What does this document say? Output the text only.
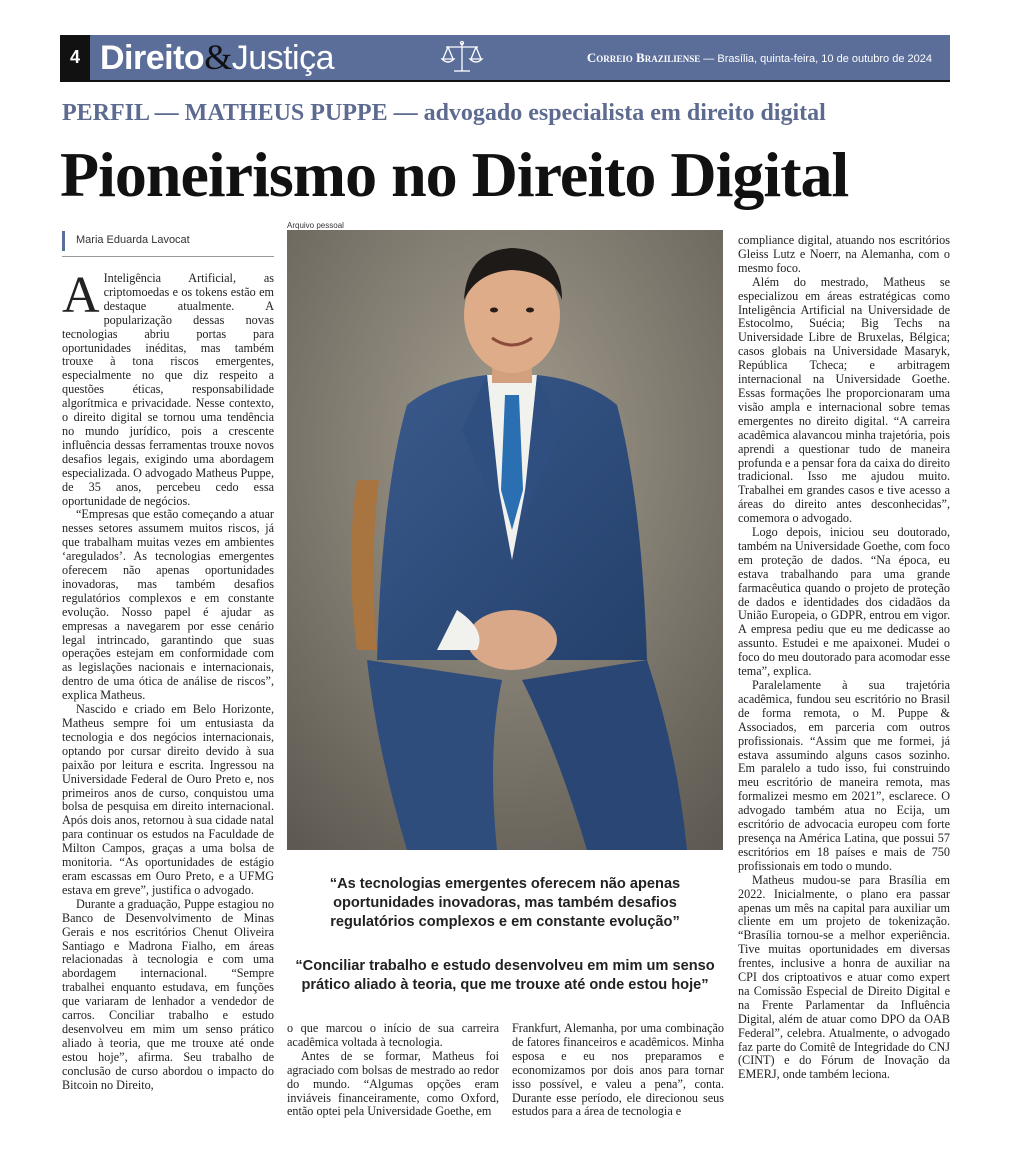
4 Direito&Justiça	Correio Braziliense — Brasília, quinta-feira, 10 de outubro de 2024
PERFIL — MATHEUS PUPPE — advogado especialista em direito digital
Pioneirismo no Direito Digital
Maria Eduarda Lavocat

A Inteligência Artificial, as criptomoedas e os tokens estão em destaque atualmente. A popularização dessas novas tecnologias abriu portas para oportunidades inéditas, mas também trouxe à tona riscos emergentes, especialmente no que diz respeito a questões éticas, responsabilidade algorítmica e privacidade. Nesse contexto, o direito digital se tornou uma tendência no mundo jurídico, pois a crescente influência dessas ferramentas trouxe novos desafios legais, exigindo uma abordagem especializada. O advogado Matheus Puppe, de 35 anos, percebeu cedo essa oportunidade de negócios.

“Empresas que estão começando a atuar nesses setores assumem muitos riscos, já que trabalham muitas vezes em ambientes ‘aregulados’. As tecnologias emergentes oferecem não apenas oportunidades inovadoras, mas também desafios regulatórios complexos e em constante evolução. Nosso papel é ajudar as empresas a navegarem por esse cenário legal intrincado, garantindo que suas operações estejam em conformidade com as legislações nacionais e internacionais, dentro de uma ótica de análise de riscos”, explica Matheus.

Nascido e criado em Belo Horizonte, Matheus sempre foi um entusiasta da tecnologia e dos negócios internacionais, optando por cursar direito devido à sua paixão por leitura e escrita. Ingressou na Universidade Federal de Ouro Preto e, nos primeiros anos de curso, conquistou uma bolsa de pesquisa em direito internacional. Após dois anos, retornou à sua cidade natal para continuar os estudos na Faculdade de Milton Campos, graças a uma bolsa de monitoria. “As oportunidades de estágio eram escassas em Ouro Preto, e a UFMG estava em greve”, justifica o advogado.

Durante a graduação, Puppe estagiou no Banco de Desenvolvimento de Minas Gerais e nos escritórios Chenut Oliveira Santiago e Madrona Fialho, em áreas relacionadas à tecnologia e com uma abordagem internacional. “Sempre trabalhei enquanto estudava, em funções que variaram de lenhador a vendedor de carros. Conciliar trabalho e estudo desenvolveu em mim um senso prático aliado à teoria, que me trouxe até onde estou hoje”, afirma. Seu trabalho de conclusão de curso abordou o impacto do Bitcoin no Direito,

Arquivo pessoal
“As tecnologias emergentes oferecem não apenas oportunidades inovadoras, mas também desafios regulatórios complexos e em constante evolução”
“Conciliar trabalho e estudo desenvolveu em mim um senso prático aliado à teoria, que me trouxe até onde estou hoje”

o que marcou o início de sua carreira acadêmica voltada à tecnologia.

Antes de se formar, Matheus foi agraciado com bolsas de mestrado ao redor do mundo. “Algumas opções eram inviáveis financeiramente, como Oxford, então optei pela Universidade Goethe, em

Frankfurt, Alemanha, por uma combinação de fatores financeiros e acadêmicos. Minha esposa e eu nos preparamos e economizamos por dois anos para tornar isso possível, e valeu a pena”, conta. Durante esse período, ele direcionou seus estudos para a área de tecnologia e

compliance digital, atuando nos escritórios Gleiss Lutz e Noerr, na Alemanha, com o mesmo foco.

Além do mestrado, Matheus se especializou em áreas estratégicas como Inteligência Artificial na Universidade de Estocolmo, Suécia; Big Techs na Universidade Libre de Bruxelas, Bélgica; casos globais na Universidade Masaryk, República Tcheca; e arbitragem internacional na Universidade Goethe. Essas formações lhe proporcionaram uma visão ampla e internacional sobre temas emergentes no direito digital. “A carreira acadêmica alavancou minha trajetória, pois aprendi a questionar tudo de maneira profunda e a pensar fora da caixa do direito tradicional. Isso me ajudou muito. Trabalhei em grandes casos e tive acesso a áreas do direito antes desconhecidas”, comemora o advogado.

Logo depois, iniciou seu doutorado, também na Universidade Goethe, com foco em proteção de dados. “Na época, eu estava trabalhando para uma grande farmacêutica quando o projeto de proteção de dados e identidades dos cidadãos da União Europeia, o GDPR, entrou em vigor. A empresa pediu que eu me dedicasse ao assunto. Estudei e me apaixonei. Mudei o foco do meu doutorado para acomodar esse tema”, explica.

Paralelamente à sua trajetória acadêmica, fundou seu escritório no Brasil de forma remota, o M. Puppe & Associados, em parceria com outros profissionais. “Assim que me formei, já estava assumindo alguns casos sozinho. Em paralelo a tudo isso, fui construindo meu escritório de maneira remota, mas formalizei mesmo em 2021”, esclarece. O advogado também atua no Ecija, um escritório de advocacia europeu com forte presença na América Latina, que possui 57 escritórios em 18 países e mais de 750 profissionais em todo o mundo.

Matheus mudou-se para Brasília em 2022. Inicialmente, o plano era passar apenas um mês na capital para auxiliar um cliente em um projeto de tokenização. “Brasília tornou-se a melhor experiência. Tive muitas oportunidades em diversas frentes, inclusive a honra de auxiliar na CPI dos criptoativos e atuar como expert na Comissão Especial de Direito Digital e na Frente Parlamentar da Influência Digital, além de atuar como DPO da OAB Federal”, celebra. Atualmente, o advogado faz parte do Comitê de Integridade do CNJ (CINT) e do Fórum de Inovação da EMERJ, onde também leciona.
